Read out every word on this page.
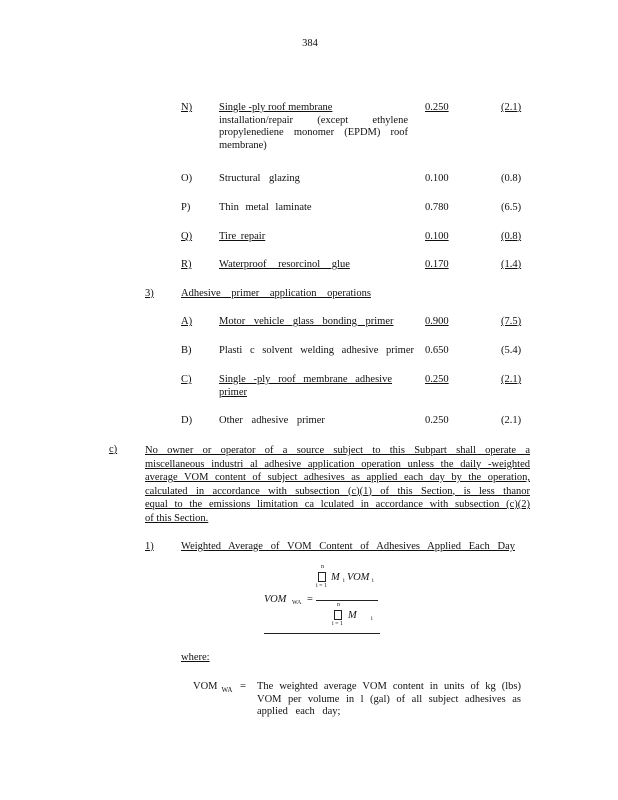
384
N)	Single -ply roof membrane
installation/repair (except ethylene
propylenediene monomer (EPDM) roof
membrane)
0.250	(2.1)
O)	Structural glazing	0.100	(0.8)
P)	Thin metal laminate	0.780	(6.5)
Q)	Tire repair	0.100	(0.8)
R)	Waterproof resorcinol glue	0.170	(1.4)
3)	Adhesive primer application operations
A)	Motor vehicle glass bonding primer	0.900	(7.5)
B)	Plasti c solvent welding adhesive primer 0.650	(5.4)
C)	Single -ply roof membrane adhesive
primer
0.250	(2.1)
D)	Other adhesive primer	0.250	(2.1)
c)	No owner or operator of a source subject to this Subpart shall operate a
miscellaneous industri al adhesive application operation unless the daily -weighted
average VOM content of subject adhesives as applied each day by the operation,
calculated in accordance with subsection (c)(1) of this Section, is less thanor
equal to the emissions limitation ca lculated in accordance with subsection (c)(2)
of this Section.
1)	Weighted Average of VOM Content of Adhesives Applied Each Day
n
i = 1
M i VOM i
VOM WA =	n
i = 1
M i
where:
VOM $_{WA}$ = The weighted average VOM content in units of kg (lbs)
VOM per volume in l (gal) of all subject adhesives as
applied each day;
